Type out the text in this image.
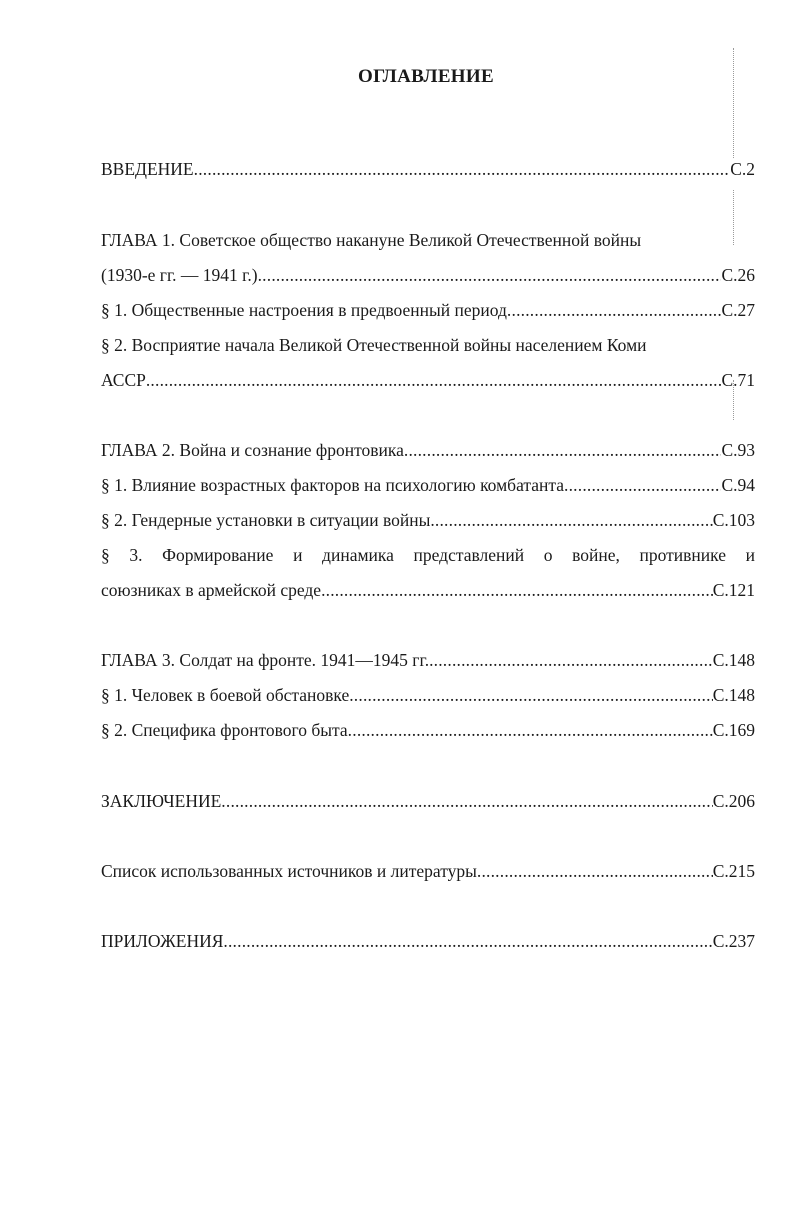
ОГЛАВЛЕНИЕ
ВВЕДЕНИЕ .....	С.2
ГЛАВА 1. Советское общество накануне Великой Отечественной войны
(1930-е гг. — 1941 г.) .....	С.26
§ 1. Общественные настроения в предвоенный период .....	С.27
§ 2. Восприятие начала Великой Отечественной войны населением Коми
АССР .....	С.71
ГЛАВА 2. Война и сознание фронтовика .....	С.93
§ 1. Влияние возрастных факторов на психологию комбатанта .....	С.94
§ 2. Гендерные установки в ситуации войны .....	С.103
§ 3. Формирование и динамика представлений о войне, противнике и
союзниках в армейской среде .....	С.121
ГЛАВА 3. Солдат на фронте. 1941—1945 гг. .....	С.148
§ 1. Человек в боевой обстановке .....	С.148
§ 2. Специфика фронтового быта .....	С.169
ЗАКЛЮЧЕНИЕ .....	С.206
Список использованных источников и литературы .....	С.215
ПРИЛОЖЕНИЯ .....	С.237
